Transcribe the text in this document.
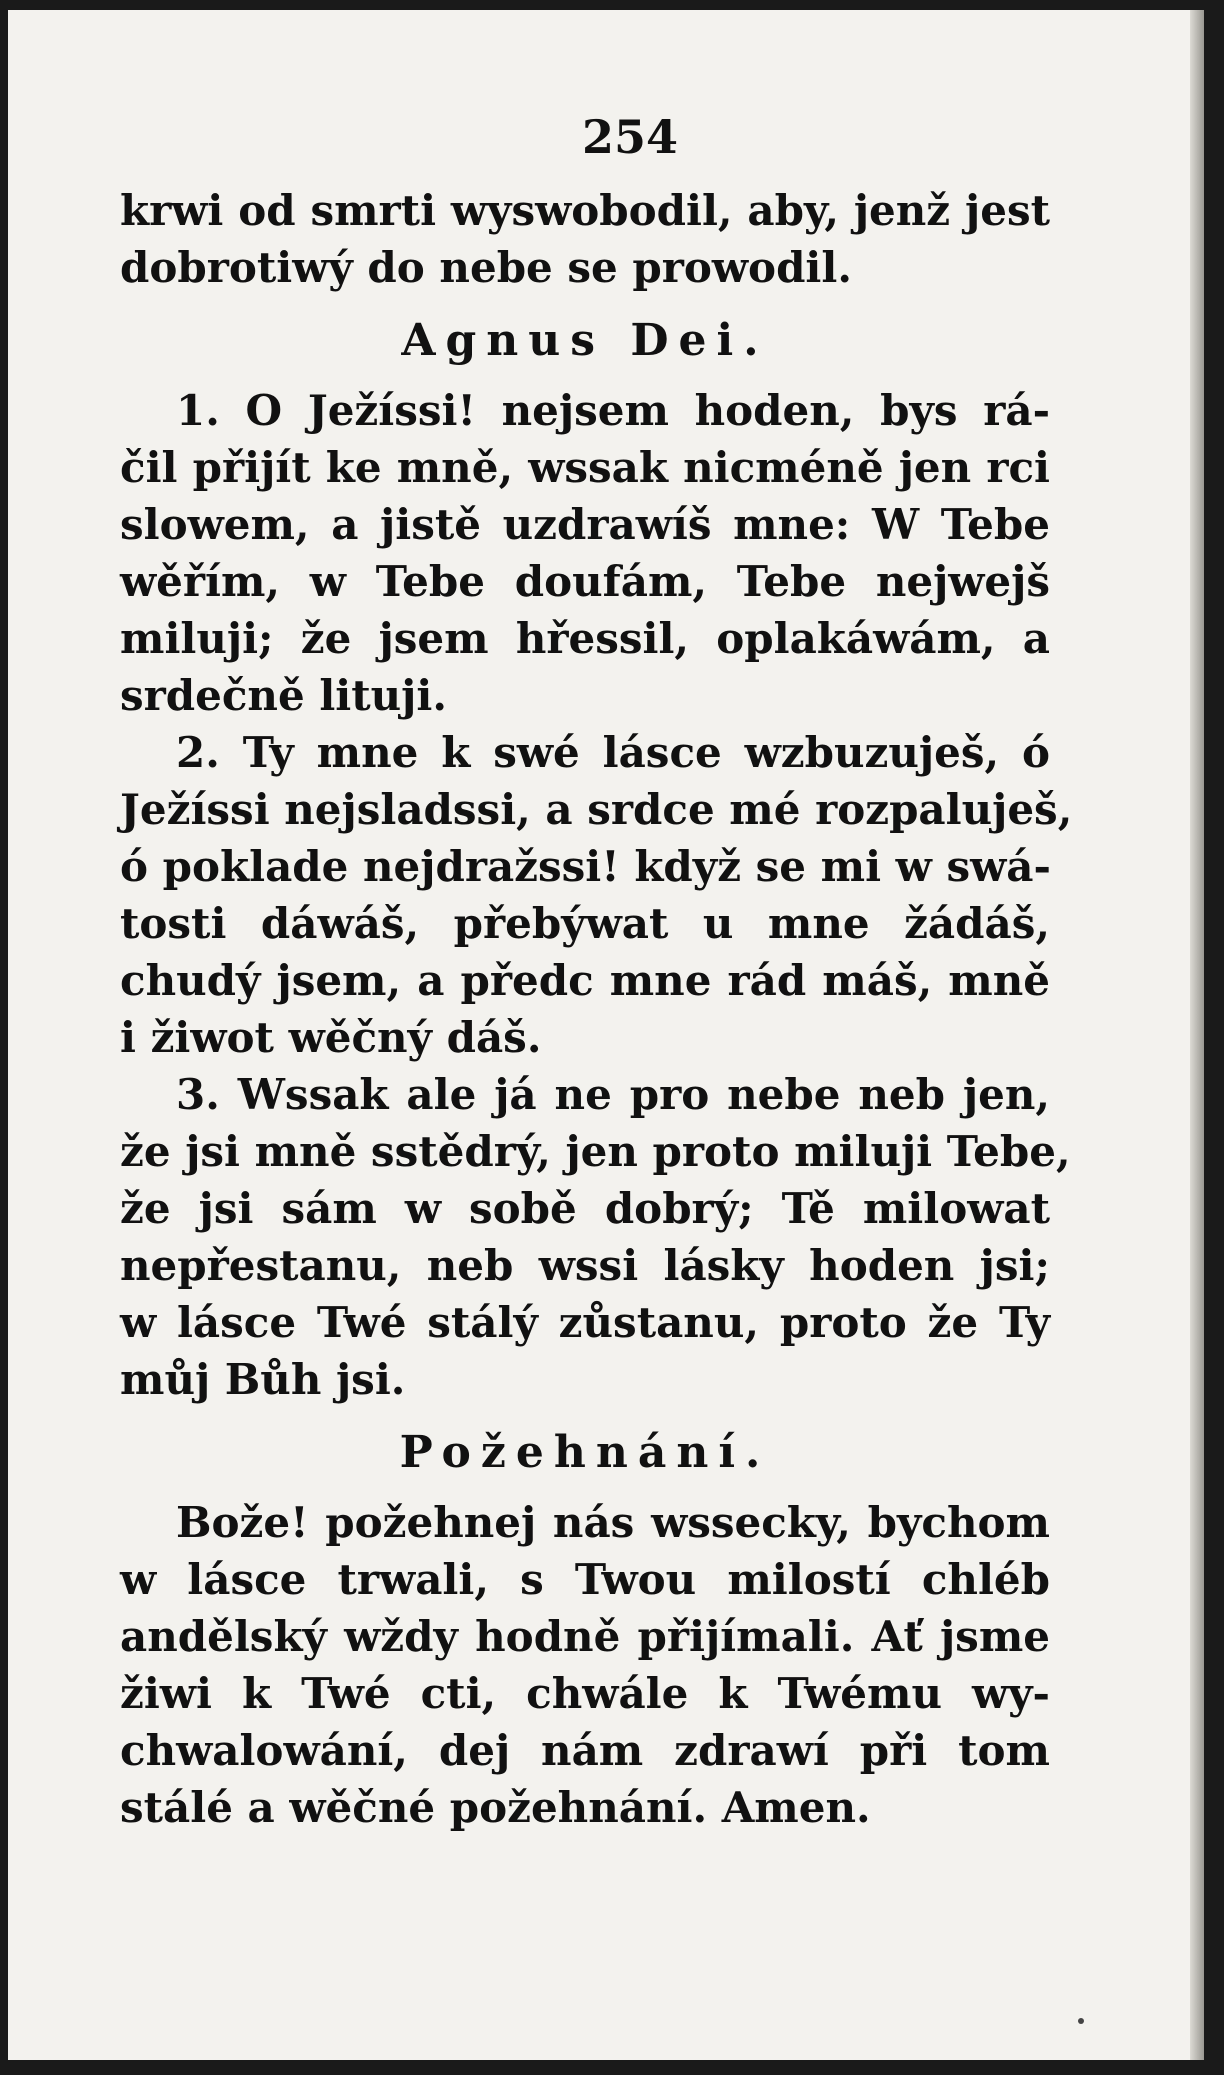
254
krwi od smrti wyswobodil, aby, jenž jest
dobrotiwý do nebe se prowodil.
Agnus Dei.
1. O Ježíssi! nejsem hoden, bys rá-
čil přijít ke mně, wssak nicméně jen rci
slowem, a jistě uzdrawíš mne: W Tebe
wěřím, w Tebe doufám, Tebe nejwejš
miluji; že jsem hřessil, oplakáwám, a
srdečně lituji.
2. Ty mne k swé lásce wzbuzuješ, ó
Ježíssi nejsladssi, a srdce mé rozpaluješ,
ó poklade nejdražssi! když se mi w swá-
tosti dáwáš, přebýwat u mne žádáš,
chudý jsem, a předc mne rád máš, mně
i žiwot wěčný dáš.
3. Wssak ale já ne pro nebe neb jen,
že jsi mně sstědrý, jen proto miluji Tebe,
že jsi sám w sobě dobrý; Tě milowat
nepřestanu, neb wssi lásky hoden jsi;
w lásce Twé stálý zůstanu, proto že Ty
můj Bůh jsi.
Požehnání.
Bože! požehnej nás wssecky, bychom
w lásce trwali, s Twou milostí chléb
andělský wždy hodně přijímali. Ať jsme
žiwi k Twé cti, chwále k Twému wy-
chwalowání, dej nám zdrawí při tom
stálé a wěčné požehnání. Amen.
